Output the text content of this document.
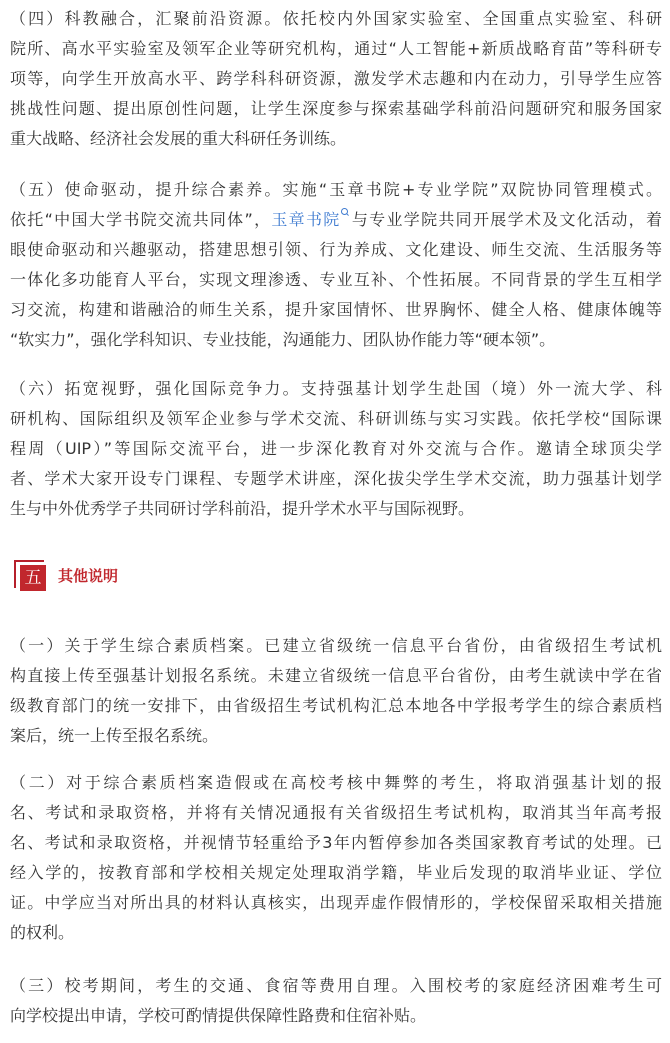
（四）科教融合，汇聚前沿资源。依托校内外国家实验室、全国重点实验室、科研
院所、高水平实验室及领军企业等研究机构，通过“人工智能+新质战略育苗”等科研专
项等，向学生开放高水平、跨学科科研资源，激发学术志趣和内在动力，引导学生应答
挑战性问题、提出原创性问题，让学生深度参与探索基础学科前沿问题研究和服务国家
重大战略、经济社会发展的重大科研任务训练。
（五）使命驱动，提升综合素养。实施“玉章书院+专业学院”双院协同管理模式。
依托“中国大学书院交流共同体”，玉章书院 与专业学院共同开展学术及文化活动，着
眼使命驱动和兴趣驱动，搭建思想引领、行为养成、文化建设、师生交流、生活服务等
一体化多功能育人平台，实现文理渗透、专业互补、个性拓展。不同背景的学生互相学
习交流，构建和谐融洽的师生关系，提升家国情怀、世界胸怀、健全人格、健康体魄等
“软实力”，强化学科知识、专业技能，沟通能力、团队协作能力等“硬本领”。
（六）拓宽视野，强化国际竞争力。支持强基计划学生赴国（境）外一流大学、科
研机构、国际组织及领军企业参与学术交流、科研训练与实习实践。依托学校“国际课
程周（UIP）”等国际交流平台，进一步深化教育对外交流与合作。邀请全球顶尖学
者、学术大家开设专门课程、专题学术讲座，深化拔尖学生学术交流，助力强基计划学
生与中外优秀学子共同研讨学科前沿，提升学术水平与国际视野。
五	其他说明
（一）关于学生综合素质档案。已建立省级统一信息平台省份，由省级招生考试机
构直接上传至强基计划报名系统。未建立省级统一信息平台省份，由考生就读中学在省
级教育部门的统一安排下，由省级招生考试机构汇总本地各中学报考学生的综合素质档
案后，统一上传至报名系统。
（二）对于综合素质档案造假或在高校考核中舞弊的考生，将取消强基计划的报
名、考试和录取资格，并将有关情况通报有关省级招生考试机构，取消其当年高考报
名、考试和录取资格，并视情节轻重给予3年内暂停参加各类国家教育考试的处理。已
经入学的，按教育部和学校相关规定处理取消学籍，毕业后发现的取消毕业证、学位
证。中学应当对所出具的材料认真核实，出现弄虚作假情形的，学校保留采取相关措施
的权利。
（三）校考期间，考生的交通、食宿等费用自理。入围校考的家庭经济困难考生可
向学校提出申请，学校可酌情提供保障性路费和住宿补贴。
